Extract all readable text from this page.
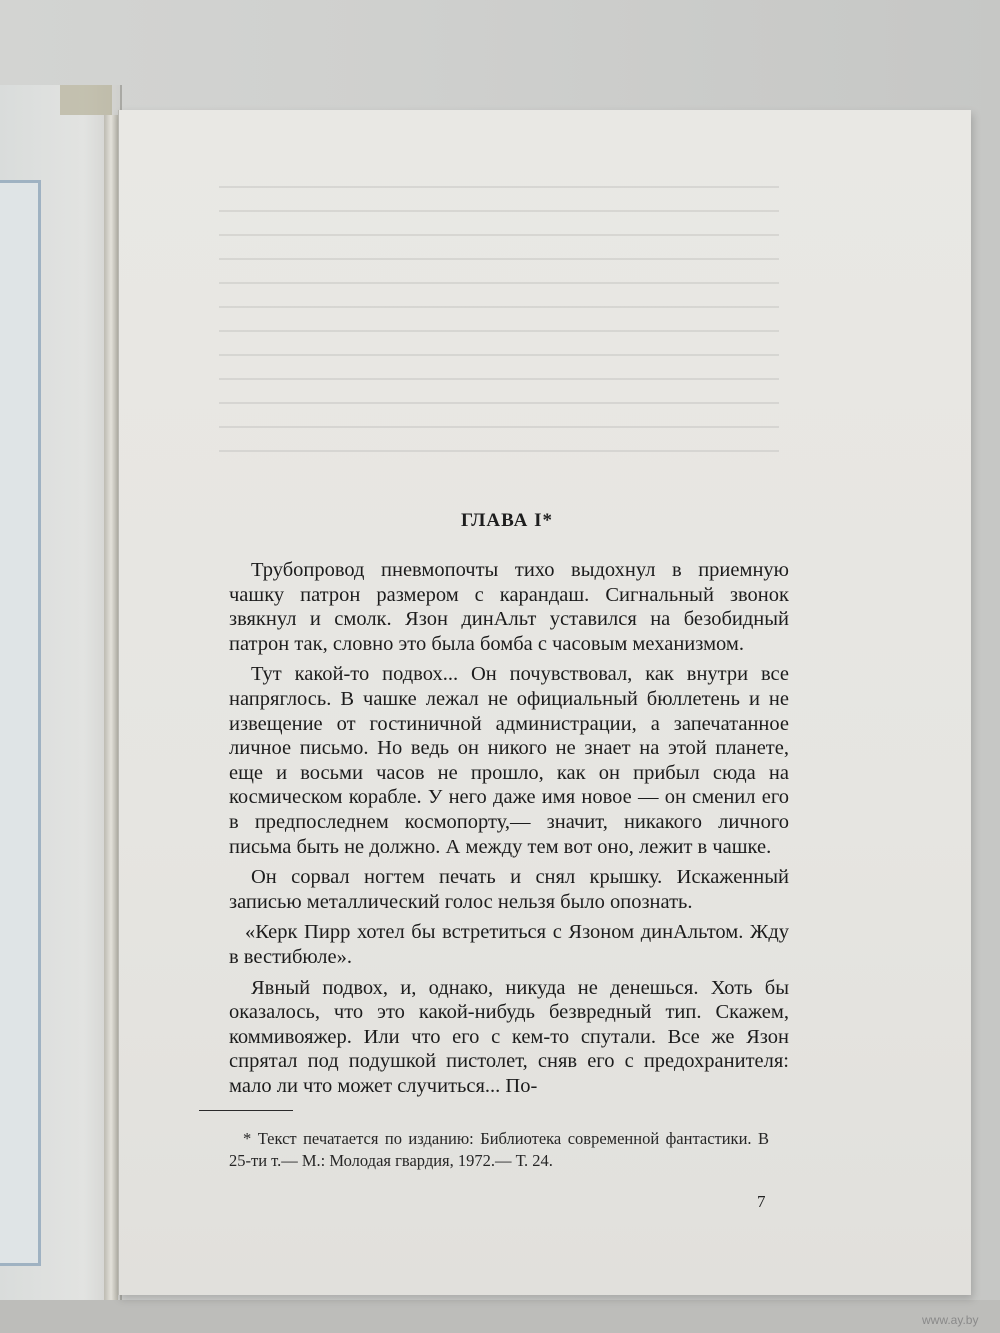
ГЛАВА I*

Трубопровод пневмопочты тихо выдохнул в приемную чашку патрон размером с карандаш. Сигнальный звонок звякнул и смолк. Язон динАльт уставился на безобидный патрон так, словно это была бомба с часовым механизмом.

Тут какой-то подвох... Он почувствовал, как внутри все напряглось. В чашке лежал не официальный бюллетень и не извещение от гостиничной администрации, а запечатанное личное письмо. Но ведь он никого не знает на этой планете, еще и восьми часов не прошло, как он прибыл сюда на космическом корабле. У него даже имя новое — он сменил его в предпоследнем космопорту,— значит, никакого личного письма быть не должно. А между тем вот оно, лежит в чашке.

Он сорвал ногтем печать и снял крышку. Искаженный записью металлический голос нельзя было опознать.

«Керк Пирр хотел бы встретиться с Язоном динАльтом. Жду в вестибюле».

Явный подвох, и, однако, никуда не денешься. Хоть бы оказалось, что это какой-нибудь безвредный тип. Скажем, коммивояжер. Или что его с кем-то спутали. Все же Язон спрятал под подушкой пистолет, сняв его с предохранителя: мало ли что может случиться... По-

* Текст печатается по изданию: Библиотека современной фантастики. В 25-ти т.— М.: Молодая гвардия, 1972.— Т. 24.
7
www.ay.by
